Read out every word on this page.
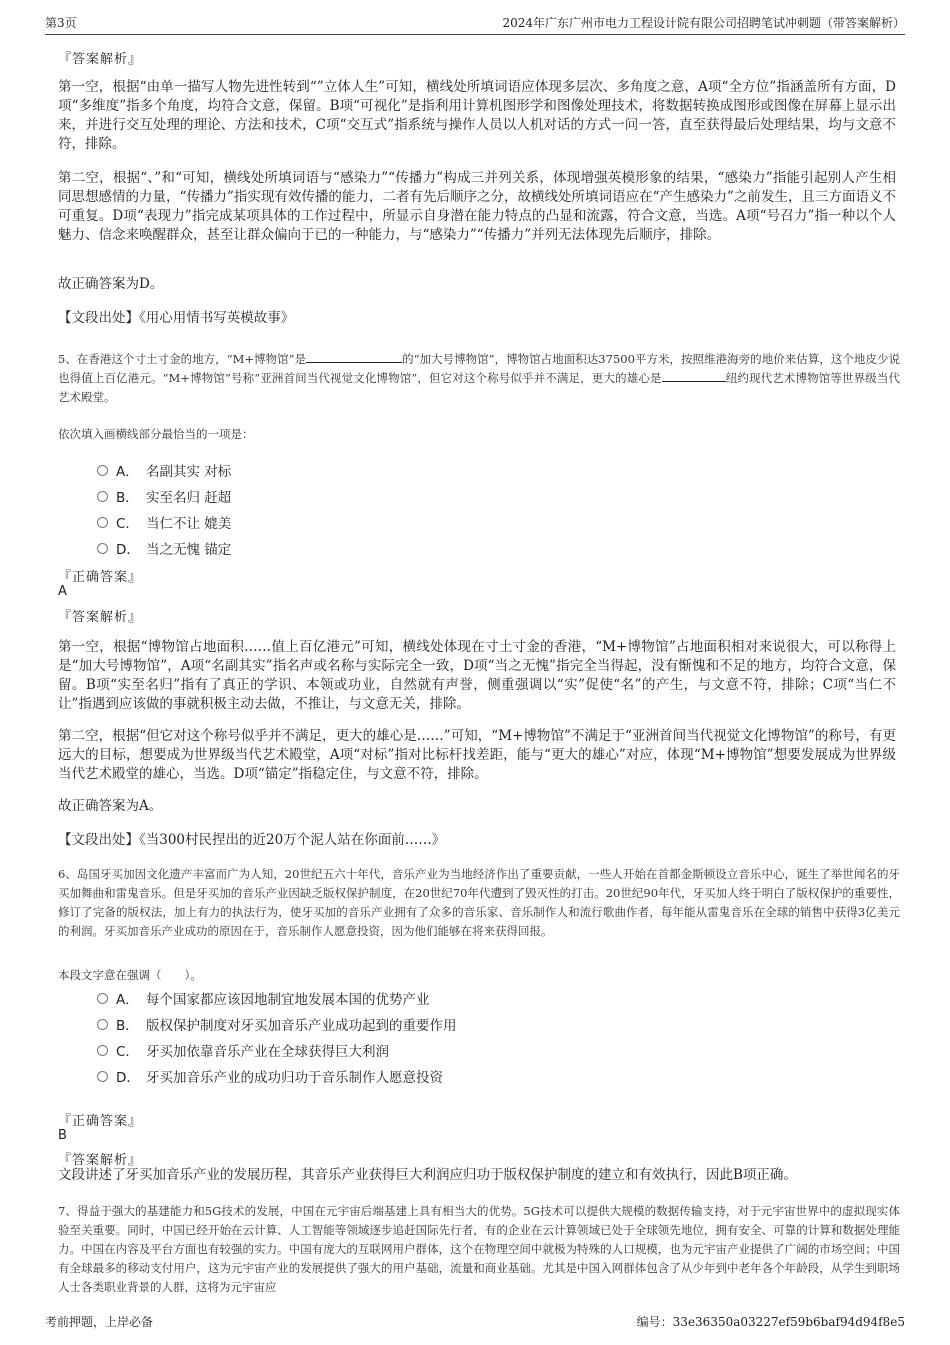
第3页	2024年广东广州市电力工程设计院有限公司招聘笔试冲刺题（带答案解析）
『答案解析』
第一空，根据“由单一描写人物先进性转到“”立体人生”可知，横线处所填词语应体现多层次、多角度之意，A项“全方位”指涵盖所有方面，D项“多维度”指多个角度，均符合文意，保留。B项“可视化”是指利用计算机图形学和图像处理技术，将数据转换成图形或图像在屏幕上显示出来，并进行交互处理的理论、方法和技术，C项“交互式”指系统与操作人员以人机对话的方式一问一答，直至获得最后处理结果，均与文意不符，排除。
第二空，根据“、”和“可知，横线处所填词语与“感染力”“传播力”构成三并列关系，体现增强英模形象的结果，“感染力”指能引起别人产生相同思想感情的力量，“传播力”指实现有效传播的能力，二者有先后顺序之分，故横线处所填词语应在“产生感染力”之前发生，且三方面语义不可重复。D项“表现力”指完成某项具体的工作过程中，所显示自身潜在能力特点的凸显和流露，符合文意，当选。A项“号召力”指一种以个人魅力、信念来唤醒群众，甚至让群众偏向于已的一种能力，与“感染力”“传播力”并列无法体现先后顺序，排除。
故正确答案为D。
【文段出处】《用心用情书写英模故事》
5、在香港这个寸土寸金的地方，“M+博物馆”是	的“加大号博物馆”，博物馆占地面积达37500平方米，按照维港海旁的地价来估算，这个地皮少说也得值上百亿港元。“M+博物馆”号称“亚洲首间当代视觉文化博物馆”，但它对这个称号似乎并不满足，更大的雄心是	纽约现代艺术博物馆等世界级当代艺术殿堂。
依次填入画横线部分最恰当的一项是：
A． 名副其实 对标
B． 实至名归 赶超
C． 当仁不让 媲美
D． 当之无愧 锚定
『正确答案』
A
『答案解析』
第一空，根据“博物馆占地面积……值上百亿港元”可知，横线处体现在寸土寸金的香港，“M+博物馆”占地面积相对来说很大，可以称得上是“加大号博物馆”，A项“名副其实”指名声或名称与实际完全一致，D项“当之无愧”指完全当得起，没有惭愧和不足的地方，均符合文意，保留。B项“实至名归”指有了真正的学识、本领或功业，自然就有声誉，侧重强调以“实”促使“名”的产生，与文意不符，排除；C项“当仁不让”指遇到应该做的事就积极主动去做，不推让，与文意无关，排除。
第二空，根据“但它对这个称号似乎并不满足，更大的雄心是……”可知，“M+博物馆”不满足于“亚洲首间当代视觉文化博物馆”的称号，有更远大的目标，想要成为世界级当代艺术殿堂，A项“对标”指对比标杆找差距，能与“更大的雄心”对应，体现“M+博物馆”想要发展成为世界级当代艺术殿堂的雄心，当选。D项“锚定”指稳定住，与文意不符，排除。
故正确答案为A。
【文段出处】《当300村民捏出的近20万个泥人站在你面前……》
6、岛国牙买加因文化遗产丰富而广为人知，20世纪五六十年代，音乐产业为当地经济作出了重要贡献，一些人开始在首都金斯顿设立音乐中心，诞生了举世闻名的牙买加舞曲和雷鬼音乐。但是牙买加的音乐产业因缺乏版权保护制度，在20世纪70年代遭到了毁灭性的打击。20世纪90年代，牙买加人终于明白了版权保护的重要性，修订了完备的版权法，加上有力的执法行为，使牙买加的音乐产业拥有了众多的音乐家、音乐制作人和流行歌曲作者，每年能从雷鬼音乐在全球的销售中获得3亿美元的利润。牙买加音乐产业成功的原因在于，音乐制作人愿意投资，因为他们能够在将来获得回报。
本段文字意在强调（　　）。
A． 每个国家都应该因地制宜地发展本国的优势产业
B． 版权保护制度对牙买加音乐产业成功起到的重要作用
C． 牙买加依靠音乐产业在全球获得巨大利润
D． 牙买加音乐产业的成功归功于音乐制作人愿意投资
『正确答案』
B
『答案解析』
文段讲述了牙买加音乐产业的发展历程，其音乐产业获得巨大利润应归功于版权保护制度的建立和有效执行，因此B项正确。
7、得益于强大的基建能力和5G技术的发展，中国在元宇宙后端基建上具有相当大的优势。5G技术可以提供大规模的数据传输支持，对于元宇宙世界中的虚拟现实体验至关重要。同时，中国已经开始在云计算、人工智能等领域逐步追赶国际先行者，有的企业在云计算领域已处于全球领先地位，拥有安全、可靠的计算和数据处理能力。中国在内容及平台方面也有较强的实力。中国有庞大的互联网用户群体，这个在物理空间中就极为特殊的人口规模，也为元宇宙产业提供了广阔的市场空间；中国有全球最多的移动支付用户，这为元宇宙产业的发展提供了强大的用户基础，流量和商业基础。尤其是中国入网群体包含了从少年到中老年各个年龄段，从学生到职场人士各类职业背景的人群，这将为元宇宙应
考前押题，上岸必备	编号：33e36350a03227ef59b6baf94d94f8e5
